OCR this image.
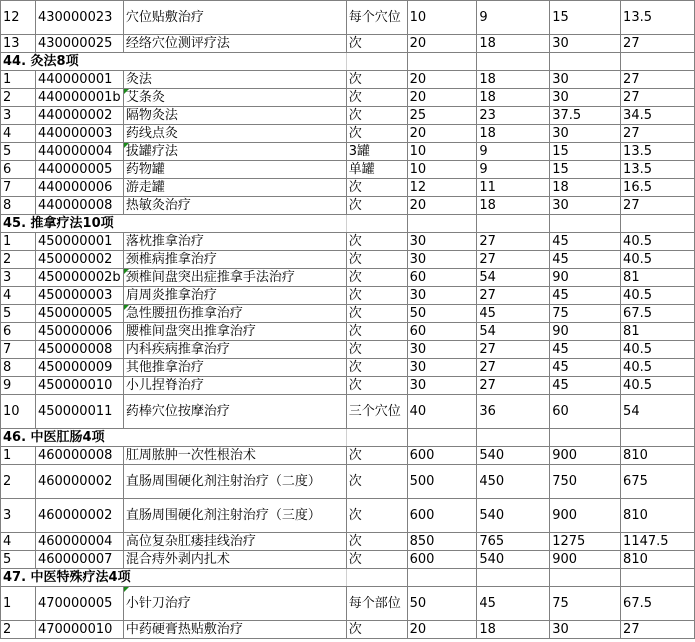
12	430000023	穴位贴敷治疗	每个穴位	10	9	15	13.5
13	430000025	经络穴位测评疗法	次	20	18	30	27
44. 灸法8项							
1	440000001	灸法	次	20	18	30	27
2	440000001b	艾条灸	次	20	18	30	27
3	440000002	隔物灸法	次	25	23	37.5	34.5
4	440000003	药线点灸	次	20	18	30	27
5	440000004	拔罐疗法	3罐	10	9	15	13.5
6	440000005	药物罐	单罐	10	9	15	13.5
7	440000006	游走罐	次	12	11	18	16.5
8	440000008	热敏灸治疗	次	20	18	30	27
45. 推拿疗法10项							
1	450000001	落枕推拿治疗	次	30	27	45	40.5
2	450000002	颈椎病推拿治疗	次	30	27	45	40.5
3	450000002b	颈椎间盘突出症推拿手法治疗	次	60	54	90	81
4	450000003	肩周炎推拿治疗	次	30	27	45	40.5
5	450000005	急性腰扭伤推拿治疗	次	50	45	75	67.5
6	450000006	腰椎间盘突出推拿治疗	次	60	54	90	81
7	450000008	内科疾病推拿治疗	次	30	27	45	40.5
8	450000009	其他推拿治疗	次	30	27	45	40.5
9	450000010	小儿捏脊治疗	次	30	27	45	40.5
10	450000011	药棒穴位按摩治疗	三个穴位	40	36	60	54
46. 中医肛肠4项							
1	460000008	肛周脓肿一次性根治术	次	600	540	900	810
2	460000002	直肠周围硬化剂注射治疗（二度）	次	500	450	750	675
3	460000002	直肠周围硬化剂注射治疗（三度）	次	600	540	900	810
4	460000004	高位复杂肛瘘挂线治疗	次	850	765	1275	1147.5
5	460000007	混合痔外剥内扎术	次	600	540	900	810
47. 中医特殊疗法4项							
1	470000005	小针刀治疗	每个部位	50	45	75	67.5
2	470000010	中药硬膏热贴敷治疗	次	20	18	30	27
